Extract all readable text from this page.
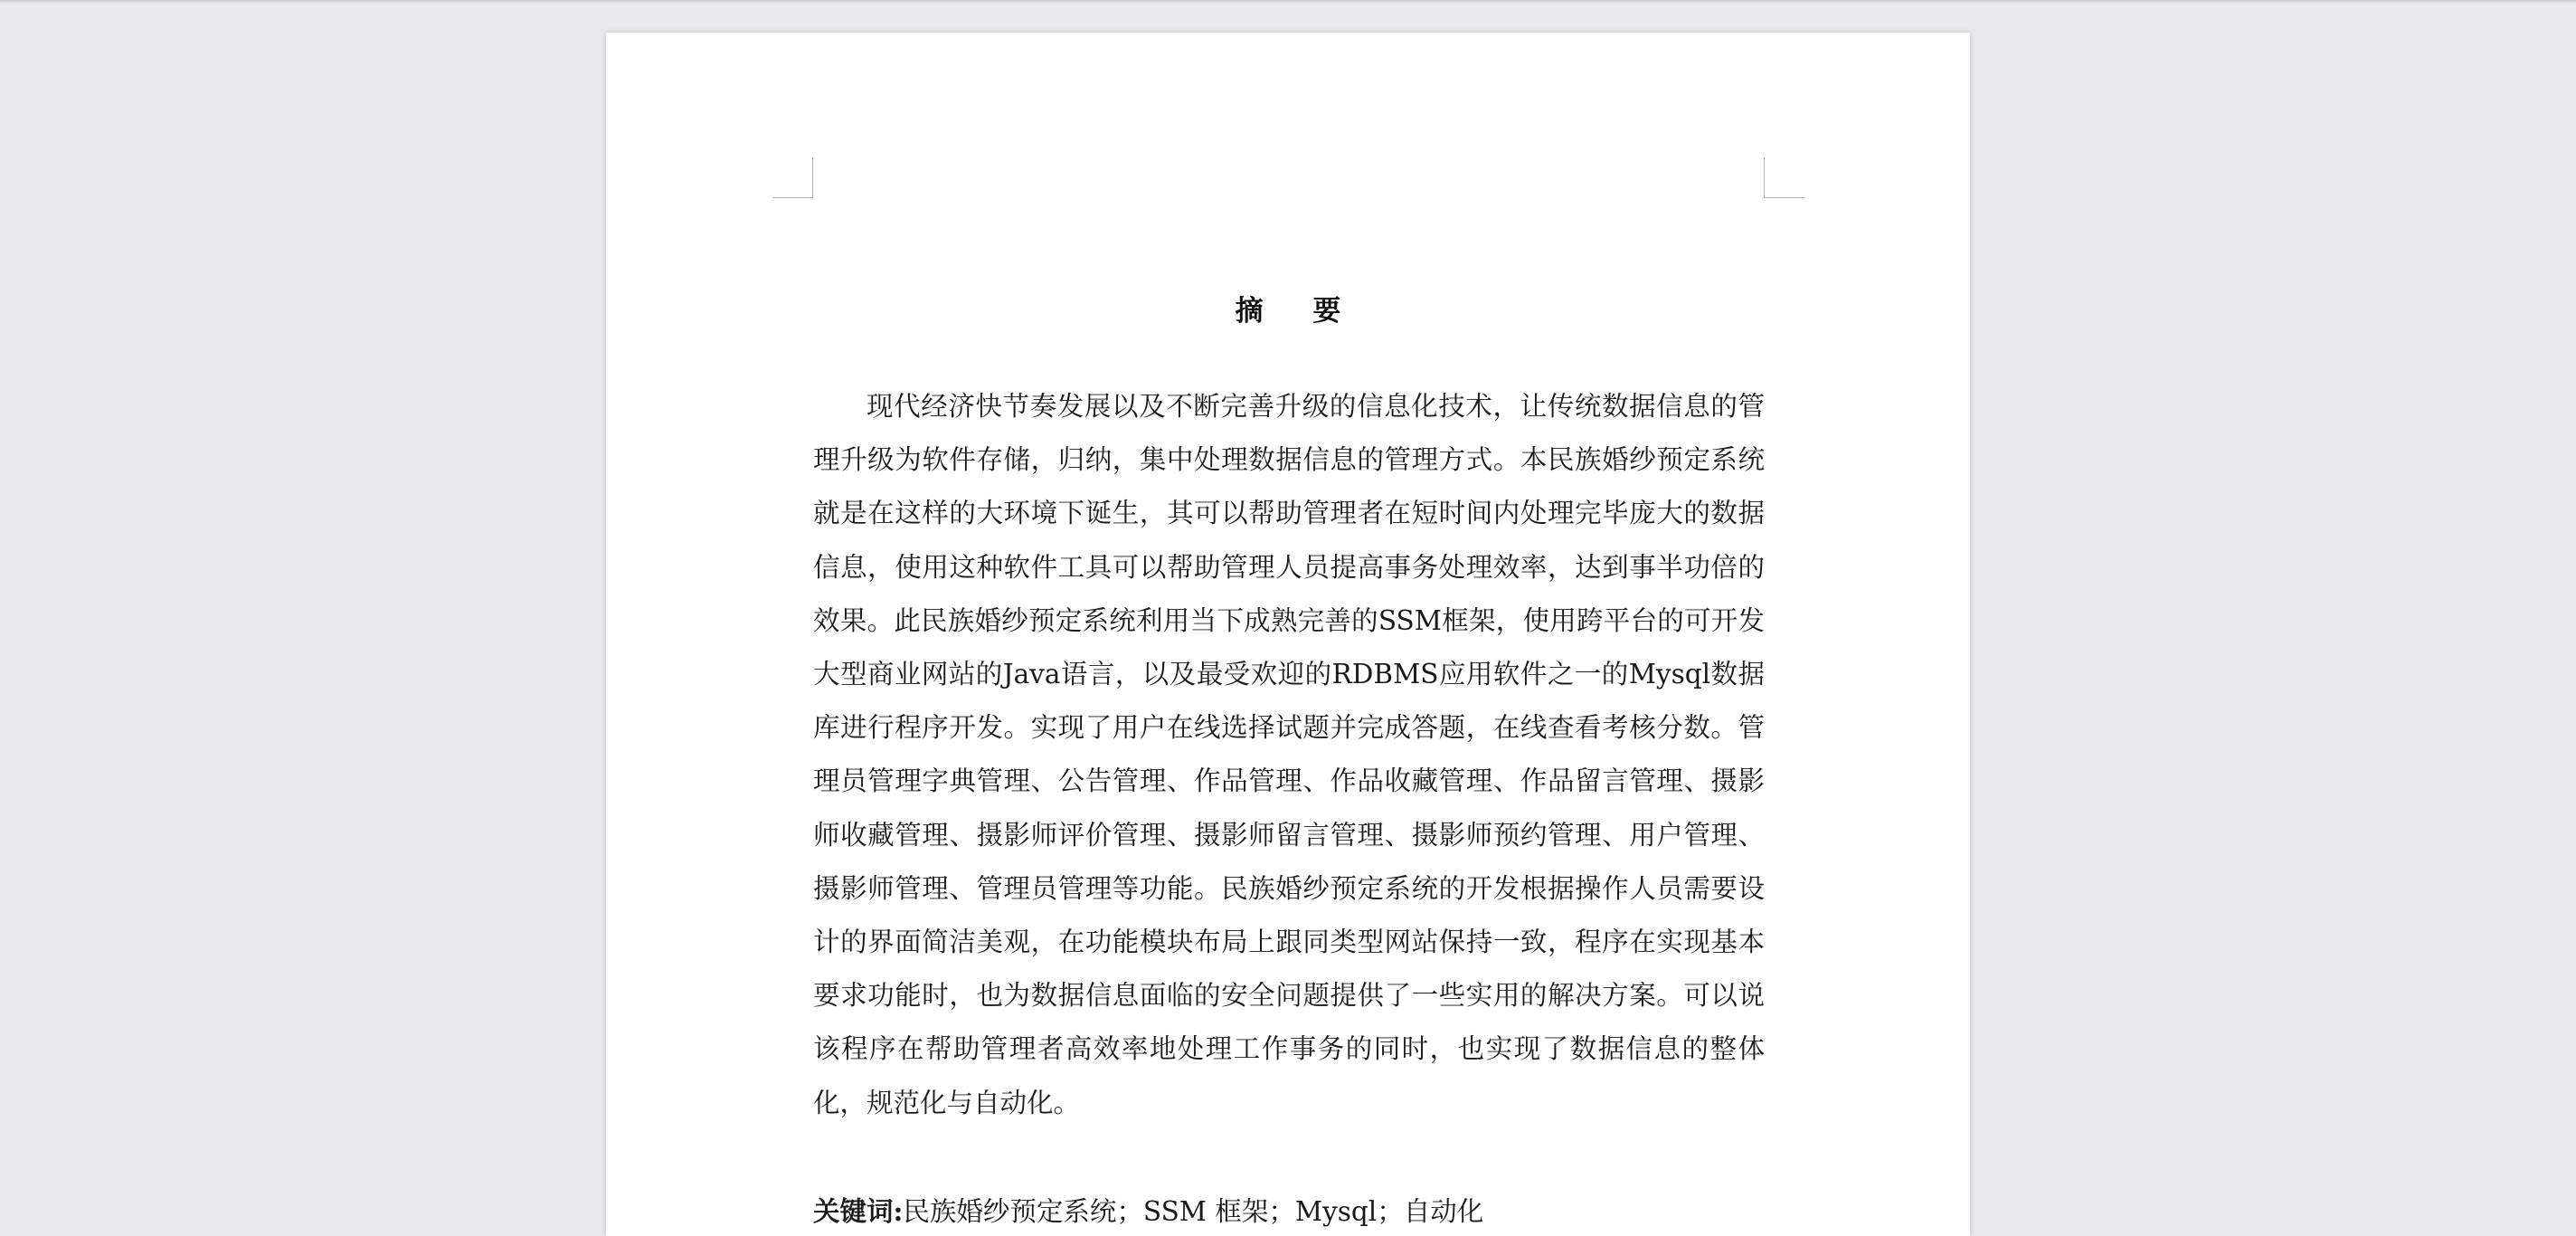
摘 要

现代经济快节奏发展以及不断完善升级的信息化技术，让传统数据信息的管理升级为软件存储，归纳，集中处理数据信息的管理方式。本民族婚纱预定系统就是在这样的大环境下诞生，其可以帮助管理者在短时间内处理完毕庞大的数据信息，使用这种软件工具可以帮助管理人员提高事务处理效率，达到事半功倍的效果。此民族婚纱预定系统利用当下成熟完善的SSM框架，使用跨平台的可开发大型商业网站的Java语言，以及最受欢迎的RDBMS应用软件之一的Mysql数据库进行程序开发。实现了用户在线选择试题并完成答题，在线查看考核分数。管理员管理字典管理、公告管理、作品管理、作品收藏管理、作品留言管理、摄影师收藏管理、摄影师评价管理、摄影师留言管理、摄影师预约管理、用户管理、摄影师管理、管理员管理等功能。民族婚纱预定系统的开发根据操作人员需要设计的界面简洁美观，在功能模块布局上跟同类型网站保持一致，程序在实现基本要求功能时，也为数据信息面临的安全问题提供了一些实用的解决方案。可以说该程序在帮助管理者高效率地处理工作事务的同时，也实现了数据信息的整体化，规范化与自动化。

关键词:民族婚纱预定系统；SSM 框架；Mysql；自动化
